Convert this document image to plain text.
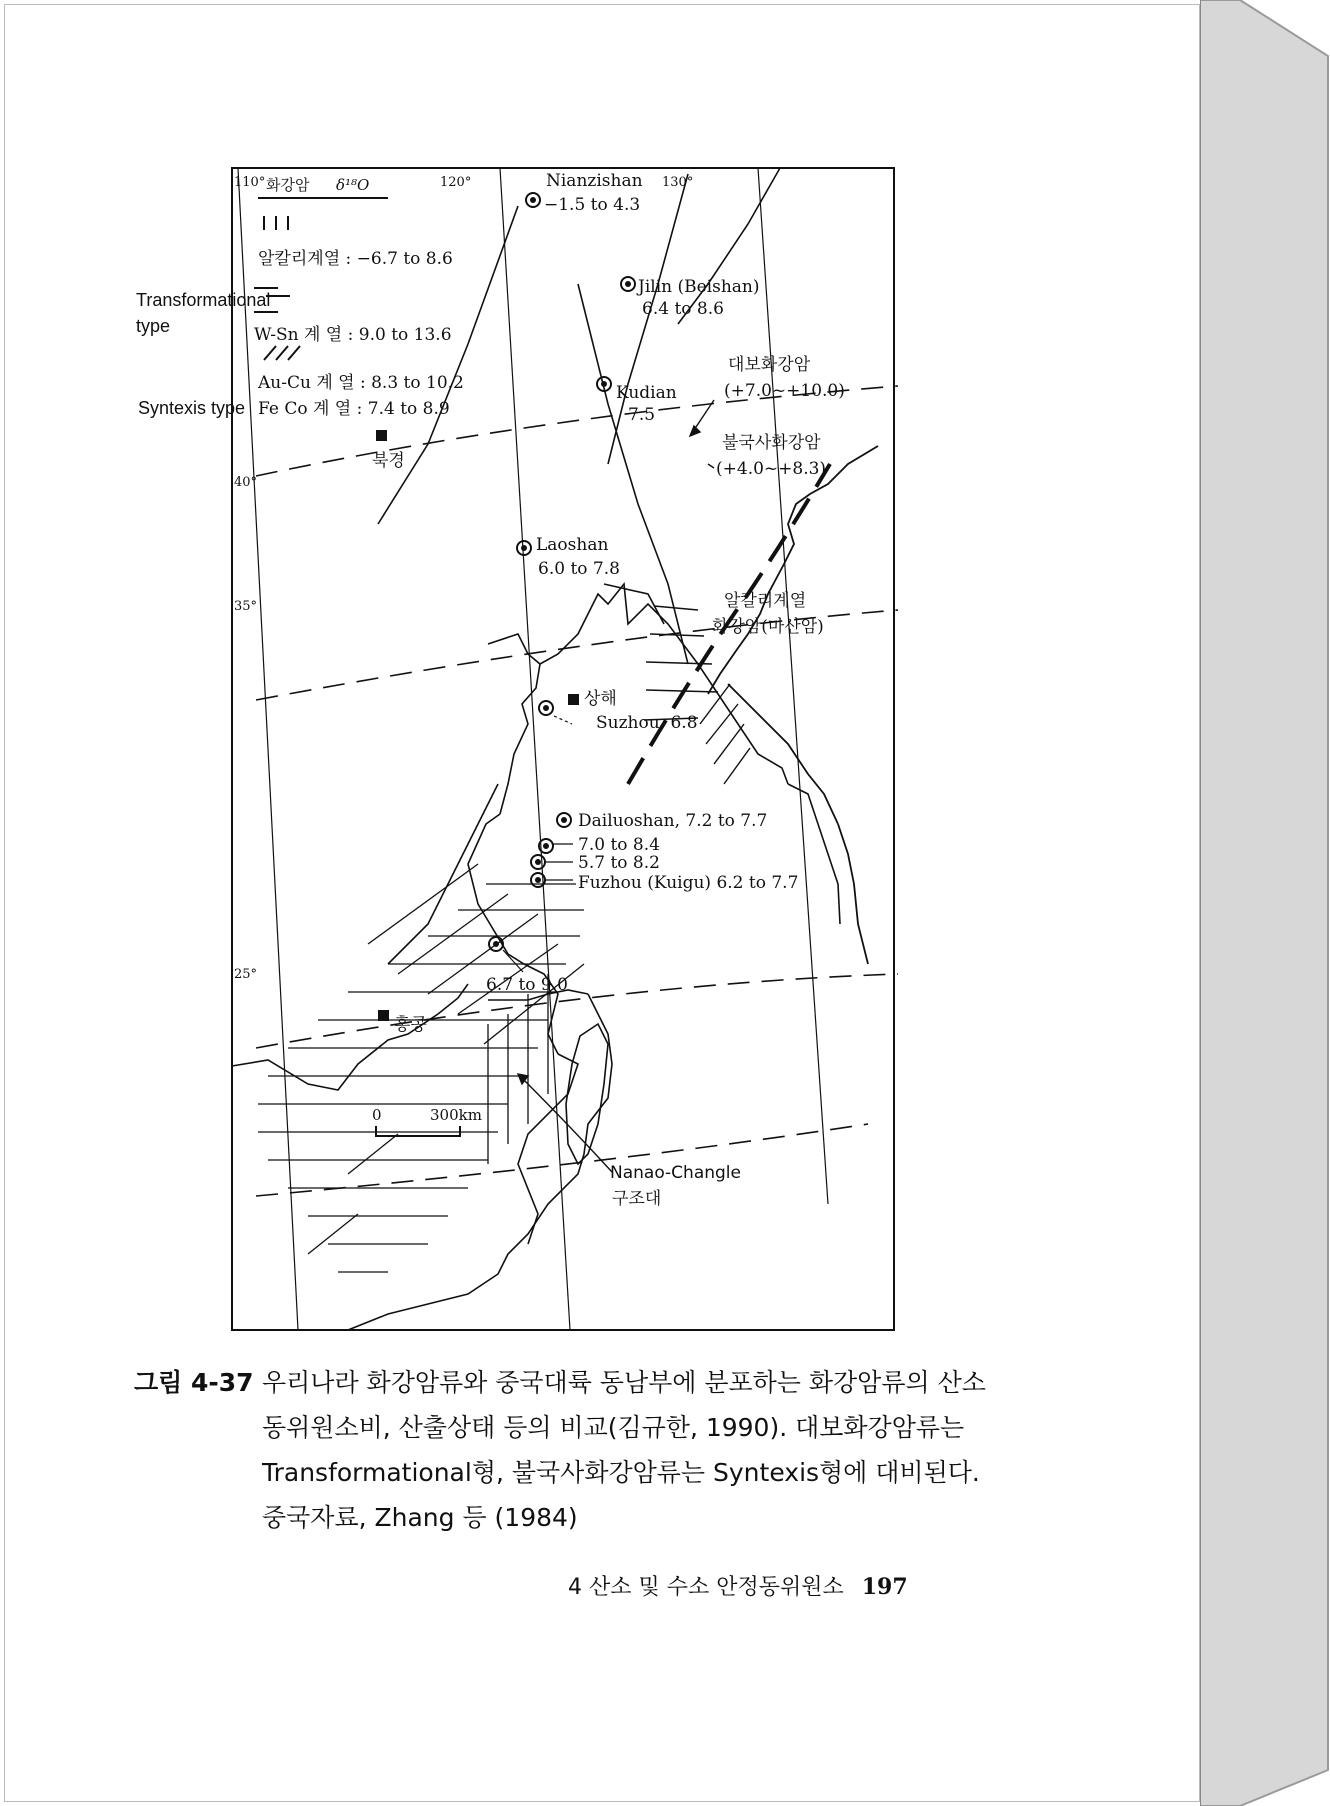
110°	120°	130°
40°
35°
25°
화강암 δ¹⁸O
알칼리계열 : −6.7 to 8.6
W-Sn 계 열 : 9.0 to 13.6
Au-Cu 계 열 : 8.3 to 10.2
Fe Co 계 열 : 7.4 to 8.9
Nianzishan
−1.5 to 4.3
Jilin (Beishan)
6.4 to 8.6
Kudian
7.5
Laoshan
6.0 to 7.8
Suzhou, 6.8
Dailuoshan, 7.2 to 7.7
7.0 to 8.4
5.7 to 8.2
Fuzhou (Kuigu) 6.2 to 7.7
6.7 to 9.0
북경
상해
홍콩
대보화강암
(+7.0~+10.0)
불국사화강암
(+4.0~+8.3)
알칼리계열
화강암(마산암)
Nanao-Changle
구조대
0	300km
Transformational
type
Syntexis type
그림 4-37 우리나라 화강암류와 중국대륙 동남부에 분포하는 화강암류의 산소 동위원소비, 산출상태 등의 비교(김규한, 1990). 대보화강암류는 Transformational형, 불국사화강암류는 Syntexis형에 대비된다. 중국자료, Zhang 등 (1984)
4 산소 및 수소 안정동위원소 197
